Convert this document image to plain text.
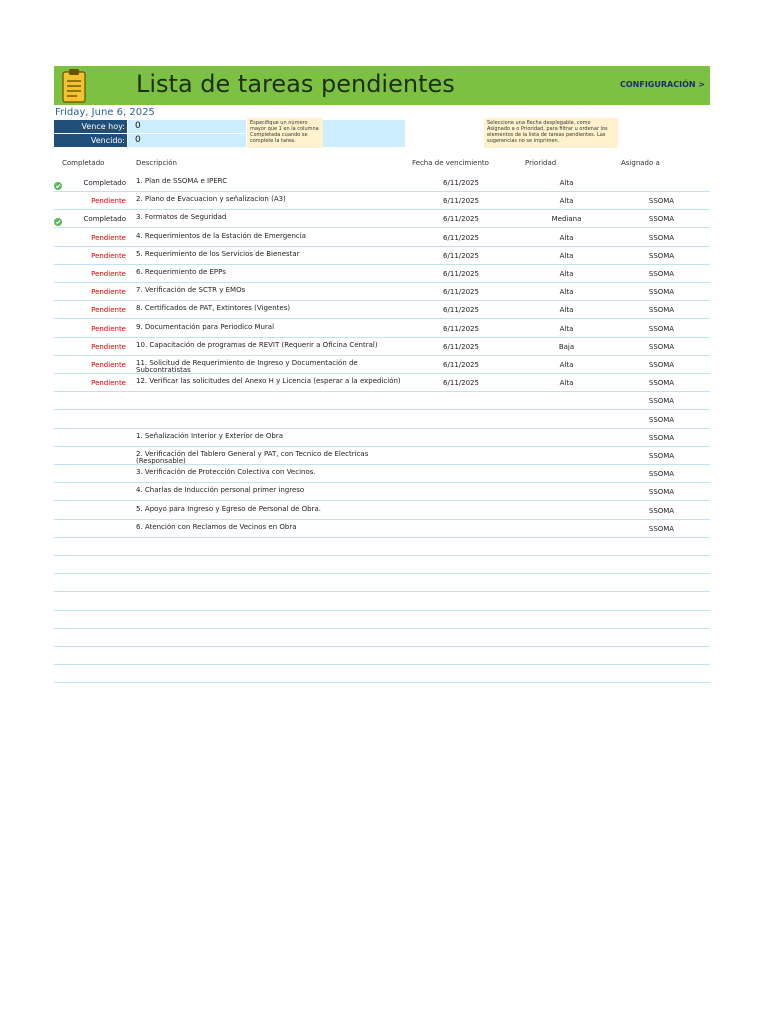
Lista de tareas pendientes	CONFIGURACIÓN >
Friday, June 6, 2025
Vence hoy:	0
Vencido:	0
Especifique un número mayor que 1 en la columna Completada cuando se complete la tarea.
Seleccione una flecha desplegable, como Asignado a o Prioridad, para filtrar u ordenar los elementos de la lista de tareas pendientes. Las sugerencias no se imprimen.
Completado	Descripción	Fecha de vencimiento	Prioridad	Asignado a
Completado 1. Plan de SSOMA e IPERC	6/11/2025	Alta
Pendiente 2. Plano de Evacuacion y señalizacion (A3)	6/11/2025	Alta	SSOMA
Completado 3. Formatos de Seguridad	6/11/2025	Mediana	SSOMA
Pendiente 4. Requerimientos de la Estación de Emergencia	6/11/2025	Alta	SSOMA
Pendiente 5. Requerimiento de los Servicios de Bienestar	6/11/2025	Alta	SSOMA
Pendiente 6. Requerimiento de EPPs	6/11/2025	Alta	SSOMA
Pendiente 7. Verificación de SCTR y EMOs	6/11/2025	Alta	SSOMA
Pendiente 8. Certificados de PAT, Extintores (Vigentes)	6/11/2025	Alta	SSOMA
Pendiente 9. Documentación para Periodico Mural	6/11/2025	Alta	SSOMA
Pendiente 10. Capacitación de programas de REVIT (Requerir a Oficina Central)	6/11/2025	Baja	SSOMA
Pendiente 11. Solicitud de Requerimiento de Ingreso y Documentación de Subcontratistas
6/11/2025	Alta	SSOMA
Pendiente 12. Verificar las solicitudes del Anexo H y Licencia (esperar a la expedición)	6/11/2025	Alta	SSOMA
SSOMA
SSOMA
1. Señalización Interior y Exterior de Obra	SSOMA
2. Verificación del Tablero General y PAT, con Tecnico de Electricas (Responsable)
SSOMA
3. Verificación de Protección Colectiva con Vecinos.	SSOMA
4. Charlas de Inducción personal primer ingreso	SSOMA
5. Apoyo para Ingreso y Egreso de Personal de Obra.	SSOMA
6. Atención con Reclamos de Vecinos en Obra	SSOMA
